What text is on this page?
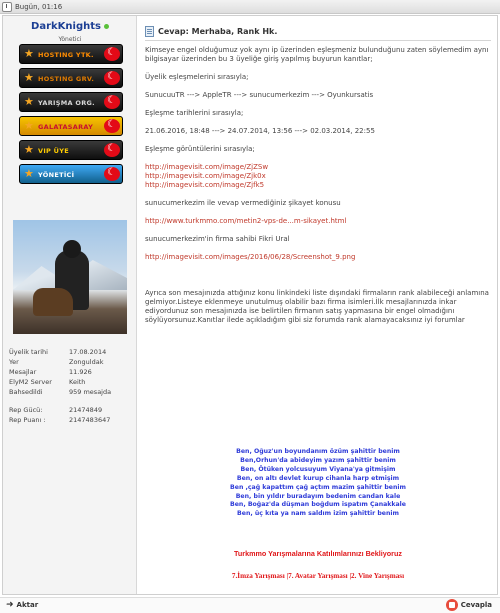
Bugün, 01:16
DarkKnights
Yönetici
★ HOSTING YTK.
☾
★ HOSTING GRV.
☾
★ YARIŞMA ORG.
☾
★ GALATASARAY
☾
★ VIP ÜYE
☾
★ YÖNETİCİ
☾
Üyelik tarihi	17.08.2014
Yer	Zonguldak
Mesajlar	11.926
ElyM2 Server	Keith
Bahsedildi	959 mesajda
Rep Gücü:	21474849
Rep Puanı :	2147483647
Cevap: Merhaba, Rank Hk.

Kimseye engel olduğumuz yok aynı ip üzerinden eşleşmeniz bulunduğunu zaten söylemedim aynı bilgisayar üzerinden bu 3 üyeliğe giriş yapılmış buyurun kanıtlar;

Üyelik eşleşmelerini sırasıyla;

SunucuuTR ---> AppleTR ---> sunucumerkezim ---> Oyunkursatis

Eşleşme tarihlerini sırasıyla;

21.06.2016, 18:48 ---> 24.07.2014, 13:56 ---> 02.03.2014, 22:55

Eşleşme görüntülerini sırasıyla;

http://imagevisit.com/image/ZjZSw

http://imagevisit.com/image/Zjk0x

http://imagevisit.com/image/Zjfk5

sunucumerkezim ile vevap vermediğiniz şikayet konusu

http://www.turkmmo.com/metin2-vps-de...m-sikayet.html

sunucumerkezim'in firma sahibi Fikri Ural

http://imagevisit.com/images/2016/06/28/Screenshot_9.png

Ayrıca son mesajınızda attığınız konu linkindeki liste dışındaki firmaların rank alabileceği anlamına gelmiyor.Listeye eklenmeye unutulmuş olabilir bazı firma isimleri.İlk mesajlarınızda inkar ediyordunuz son mesajınızda ise belirtilen firmanın satış yapmasına bir engel olmadığını söylüyorsunuz.Kanıtlar ilede açıkladığım gibi siz forumda rank alamayacaksınız iyi forumlar

Ben, Oğuz'un boyundanım özüm şahittir benim
Ben,Orhun'da abideyim yazım şahittir benim
Ben, Ötüken yolcusuyum Viyana'ya gitmişim
Ben, on altı devlet kurup cihanla harp etmişim
Ben ,çağ kapattım çağ açtım mazim şahittir benim
Ben, bin yıldır buradayım bedenim candan kale
Ben, Boğaz'da düşman boğdum ispatım Çanakkale
Ben, üç kıta ya nam saldım izim şahittir benim
Turkmmo Yarışmalarına Katılımlarınızı Bekliyoruz
7.İmza Yarışması |7. Avatar Yarışması |2. Vine Yarışması
➜ Aktar	Cevapla
